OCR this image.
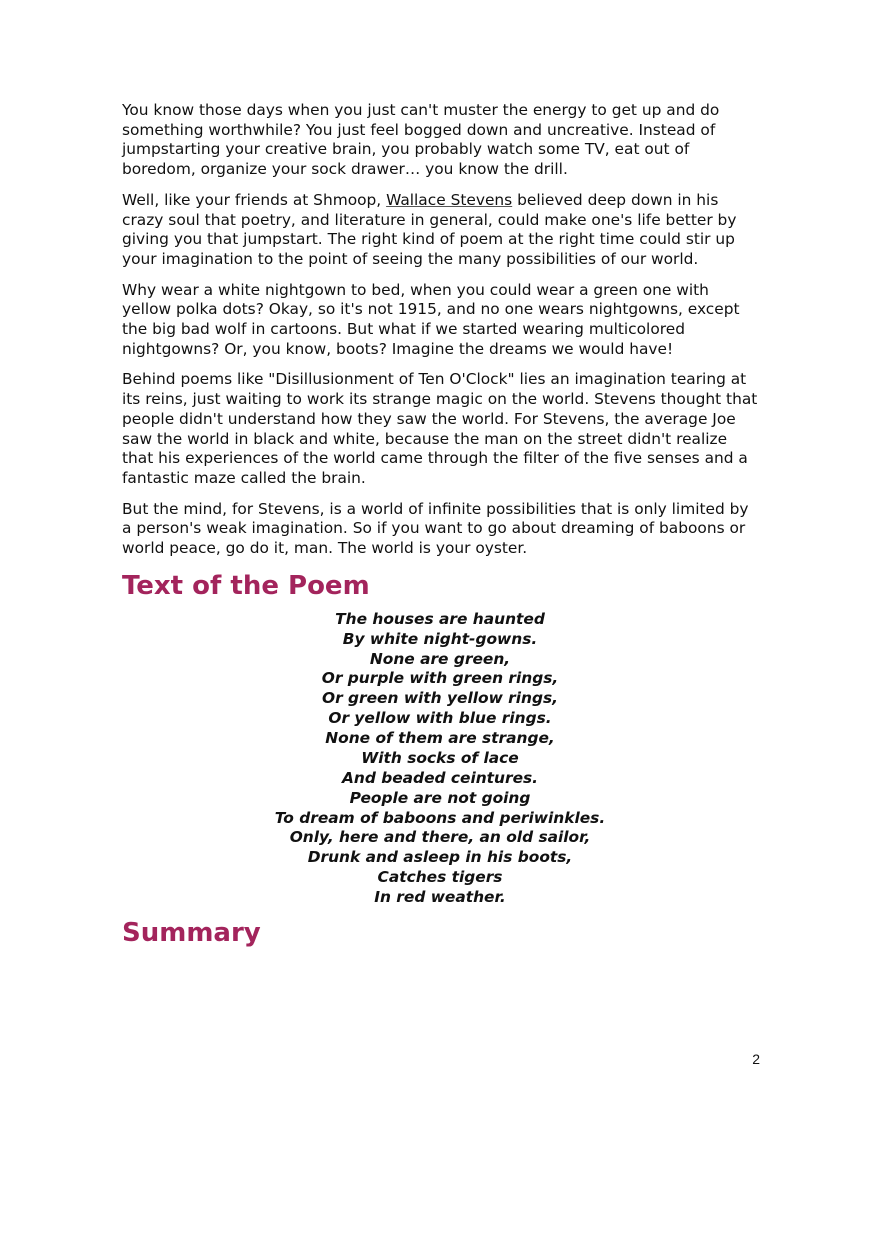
You know those days when you just can't muster the energy to get up and do something worthwhile? You just feel bogged down and uncreative. Instead of jumpstarting your creative brain, you probably watch some TV, eat out of boredom, organize your sock drawer… you know the drill.

Well, like your friends at Shmoop, Wallace Stevens believed deep down in his crazy soul that poetry, and literature in general, could make one's life better by giving you that jumpstart. The right kind of poem at the right time could stir up your imagination to the point of seeing the many possibilities of our world.

Why wear a white nightgown to bed, when you could wear a green one with yellow polka dots? Okay, so it's not 1915, and no one wears nightgowns, except the big bad wolf in cartoons. But what if we started wearing multicolored nightgowns? Or, you know, boots? Imagine the dreams we would have!

Behind poems like "Disillusionment of Ten O'Clock" lies an imagination tearing at its reins, just waiting to work its strange magic on the world. Stevens thought that people didn't understand how they saw the world. For Stevens, the average Joe saw the world in black and white, because the man on the street didn't realize that his experiences of the world came through the filter of the five senses and a fantastic maze called the brain.

But the mind, for Stevens, is a world of infinite possibilities that is only limited by a person's weak imagination. So if you want to go about dreaming of baboons or world peace, go do it, man. The world is your oyster.

Text of the Poem
The houses are haunted
By white night-gowns.
None are green,
Or purple with green rings,
Or green with yellow rings,
Or yellow with blue rings.
None of them are strange,
With socks of lace
And beaded ceintures.
People are not going
To dream of baboons and periwinkles.
Only, here and there, an old sailor,
Drunk and asleep in his boots,
Catches tigers
In red weather.
Summary
2
